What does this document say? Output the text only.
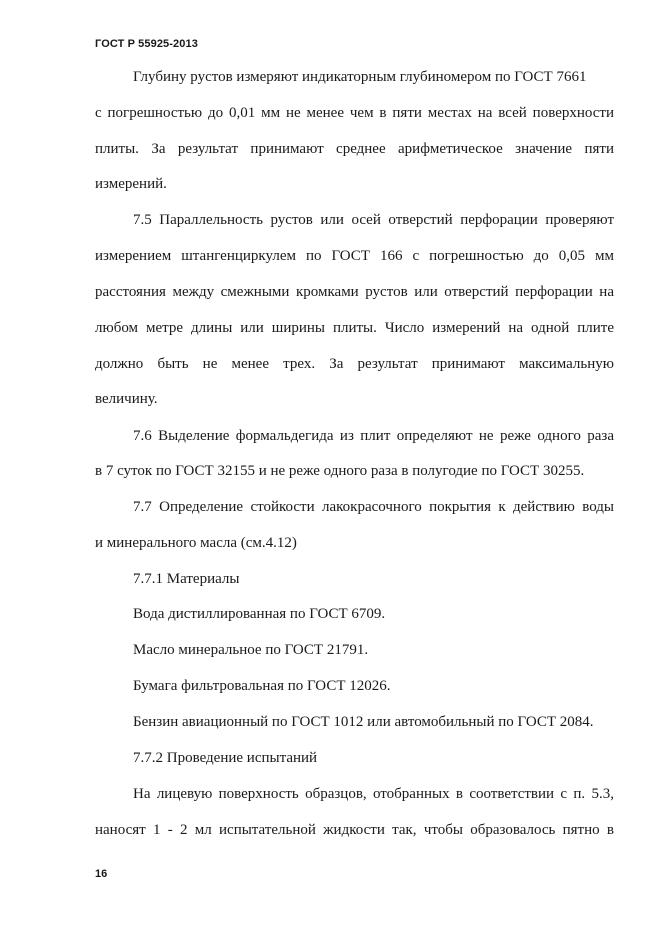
ГОСТ Р 55925-2013
Глубину рустов измеряют индикаторным глубиномером по ГОСТ 7661
с погрешностью до 0,01 мм не менее чем в пяти местах на всей поверхности
плиты. За результат принимают среднее арифметическое значение пяти
измерений.
7.5 Параллельность рустов или осей отверстий перфорации проверяют
измерением штангенциркулем по ГОСТ 166 с погрешностью до 0,05 мм
расстояния между смежными кромками рустов или отверстий перфорации на
любом метре длины или ширины плиты. Число измерений на одной плите
должно быть не менее трех. За результат принимают максимальную
величину.
7.6 Выделение формальдегида из плит определяют не реже одного раза
в 7 суток по ГОСТ 32155 и не реже одного раза в полугодие по ГОСТ 30255.
7.7 Определение стойкости лакокрасочного покрытия к действию воды
и минерального масла (см.4.12)
7.7.1 Материалы
Вода дистиллированная по ГОСТ 6709.
Масло минеральное по ГОСТ 21791.
Бумага фильтровальная по ГОСТ 12026.
Бензин авиационный по ГОСТ 1012 или автомобильный по ГОСТ 2084.
7.7.2 Проведение испытаний
На лицевую поверхность образцов, отобранных в соответствии с п. 5.3,
наносят 1 - 2 мл испытательной жидкости так, чтобы образовалось пятно в
16
